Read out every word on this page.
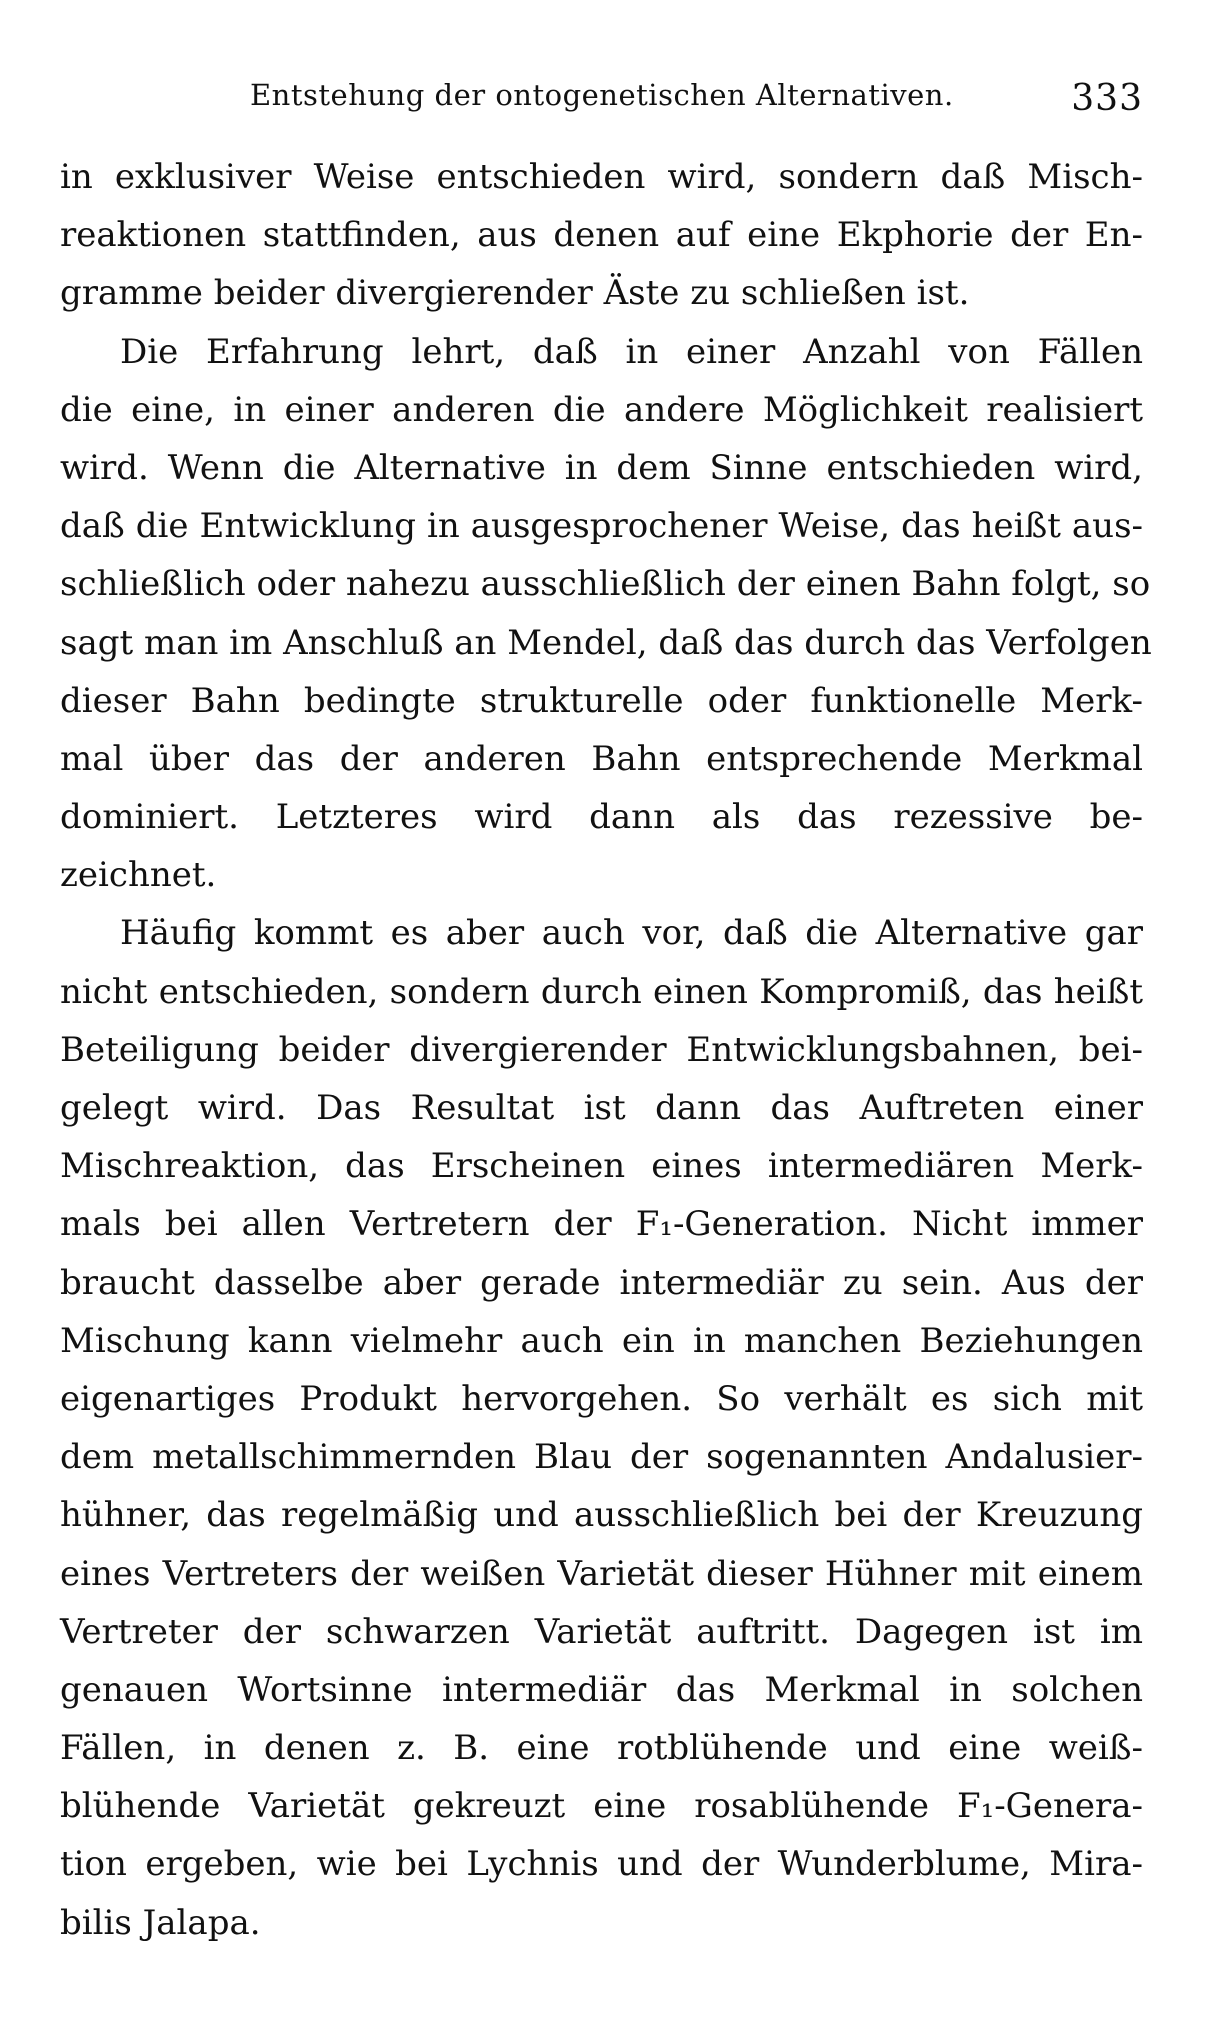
Entstehung der ontogenetischen Alternativen.	333
in exklusiver Weise entschieden wird, sondern daß Misch-
reaktionen stattfinden, aus denen auf eine Ekphorie der En-
gramme beider divergierender Äste zu schließen ist.
Die Erfahrung lehrt, daß in einer Anzahl von Fällen
die eine, in einer anderen die andere Möglichkeit realisiert
wird. Wenn die Alternative in dem Sinne entschieden wird,
daß die Entwicklung in ausgesprochener Weise, das heißt aus-
schließlich oder nahezu ausschließlich der einen Bahn folgt, so
sagt man im Anschluß an Mendel, daß das durch das Verfolgen
dieser Bahn bedingte strukturelle oder funktionelle Merk-
mal über das der anderen Bahn entsprechende Merkmal
dominiert. Letzteres wird dann als das rezessive be-
zeichnet.
Häufig kommt es aber auch vor, daß die Alternative gar
nicht entschieden, sondern durch einen Kompromiß, das heißt
Beteiligung beider divergierender Entwicklungsbahnen, bei-
gelegt wird. Das Resultat ist dann das Auftreten einer
Mischreaktion, das Erscheinen eines intermediären Merk-
mals bei allen Vertretern der F₁-Generation. Nicht immer
braucht dasselbe aber gerade intermediär zu sein. Aus der
Mischung kann vielmehr auch ein in manchen Beziehungen
eigenartiges Produkt hervorgehen. So verhält es sich mit
dem metallschimmernden Blau der sogenannten Andalusier-
hühner, das regelmäßig und ausschließlich bei der Kreuzung
eines Vertreters der weißen Varietät dieser Hühner mit einem
Vertreter der schwarzen Varietät auftritt. Dagegen ist im
genauen Wortsinne intermediär das Merkmal in solchen
Fällen, in denen z. B. eine rotblühende und eine weiß-
blühende Varietät gekreuzt eine rosablühende F₁-Genera-
tion ergeben, wie bei Lychnis und der Wunderblume, Mira-
bilis Jalapa.
